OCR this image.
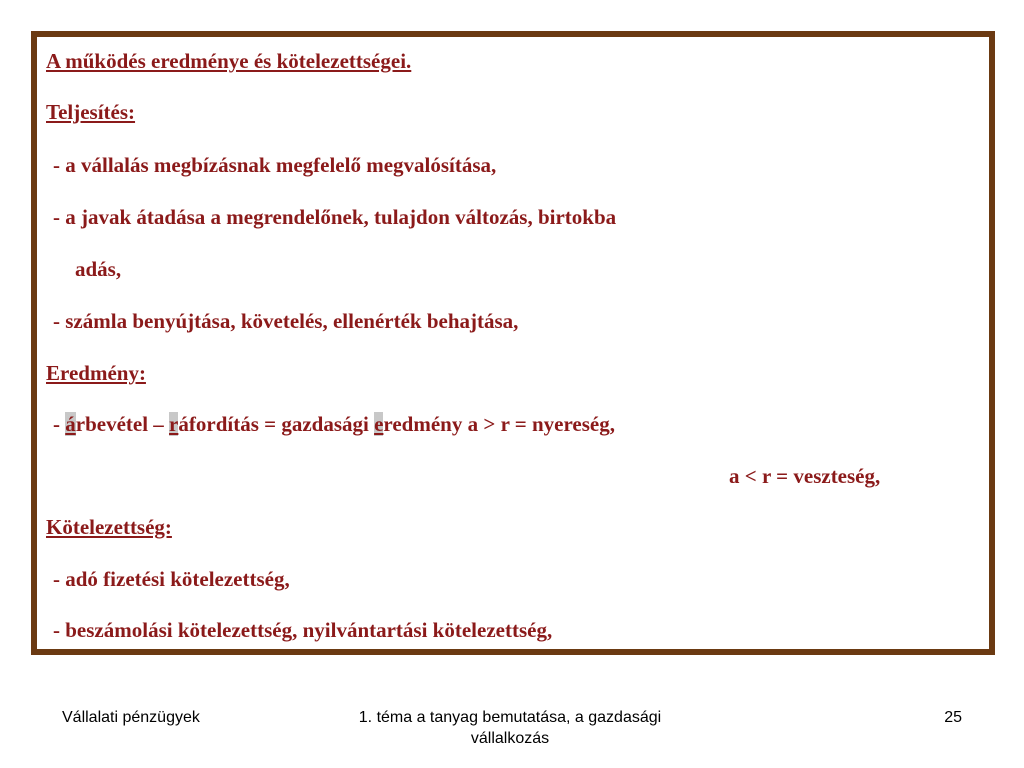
A működés eredménye és kötelezettségei.
Teljesítés:
- a vállalás megbízásnak megfelelő megvalósítása,
- a javak átadása a megrendelőnek, tulajdon változás, birtokba
adás,
- számla benyújtása, követelés, ellenérték behajtása,
Eredmény:
- árbevétel – ráfordítás = gazdasági eredmény a > r = nyereség,
a < r = veszteség,
Kötelezettség:
- adó fizetési kötelezettség,
- beszámolási kötelezettség, nyilvántartási kötelezettség,
Vállalati pénzügyek	1. téma a tanyag bemutatása, a gazdasági vállalkozás
25
